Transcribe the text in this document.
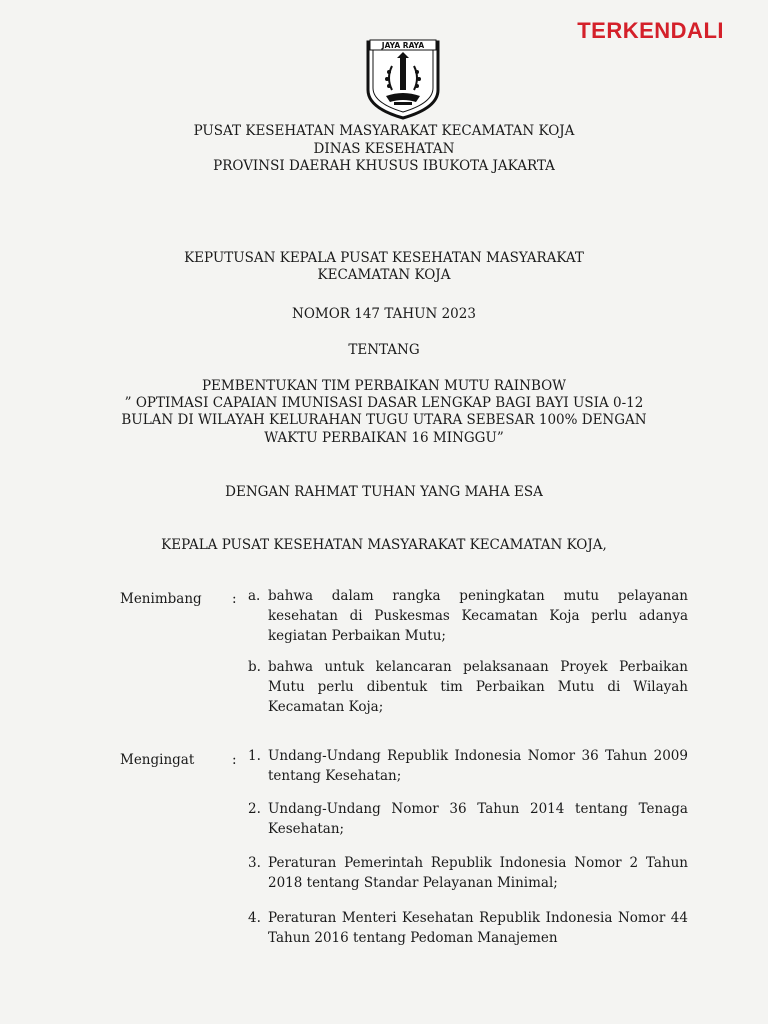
TERKENDALI
JAYA RAYA
PUSAT KESEHATAN MASYARAKAT KECAMATAN KOJA
DINAS KESEHATAN
PROVINSI DAERAH KHUSUS IBUKOTA JAKARTA
KEPUTUSAN KEPALA PUSAT KESEHATAN MASYARAKAT
KECAMATAN KOJA
NOMOR 147 TAHUN 2023
TENTANG
PEMBENTUKAN TIM PERBAIKAN MUTU RAINBOW
” OPTIMASI CAPAIAN IMUNISASI DASAR LENGKAP BAGI BAYI USIA 0-12
BULAN DI WILAYAH KELURAHAN TUGU UTARA SEBESAR 100% DENGAN
WAKTU PERBAIKAN 16 MINGGU”
DENGAN RAHMAT TUHAN YANG MAHA ESA
KEPALA PUSAT KESEHATAN MASYARAKAT KECAMATAN KOJA,
Menimbang : a. bahwa dalam rangka peningkatan mutu pelayanan kesehatan di Puskesmas Kecamatan Koja perlu adanya kegiatan Perbaikan Mutu;
b. bahwa untuk kelancaran pelaksanaan Proyek Perbaikan Mutu perlu dibentuk tim Perbaikan Mutu di Wilayah Kecamatan Koja;
Mengingat	: 1. Undang-Undang Republik Indonesia Nomor 36 Tahun 2009 tentang Kesehatan;
2. Undang-Undang Nomor 36 Tahun 2014 tentang Tenaga Kesehatan;
3. Peraturan Pemerintah Republik Indonesia Nomor 2 Tahun 2018 tentang Standar Pelayanan Minimal;
4. Peraturan Menteri Kesehatan Republik Indonesia Nomor 44 Tahun 2016 tentang Pedoman Manajemen
